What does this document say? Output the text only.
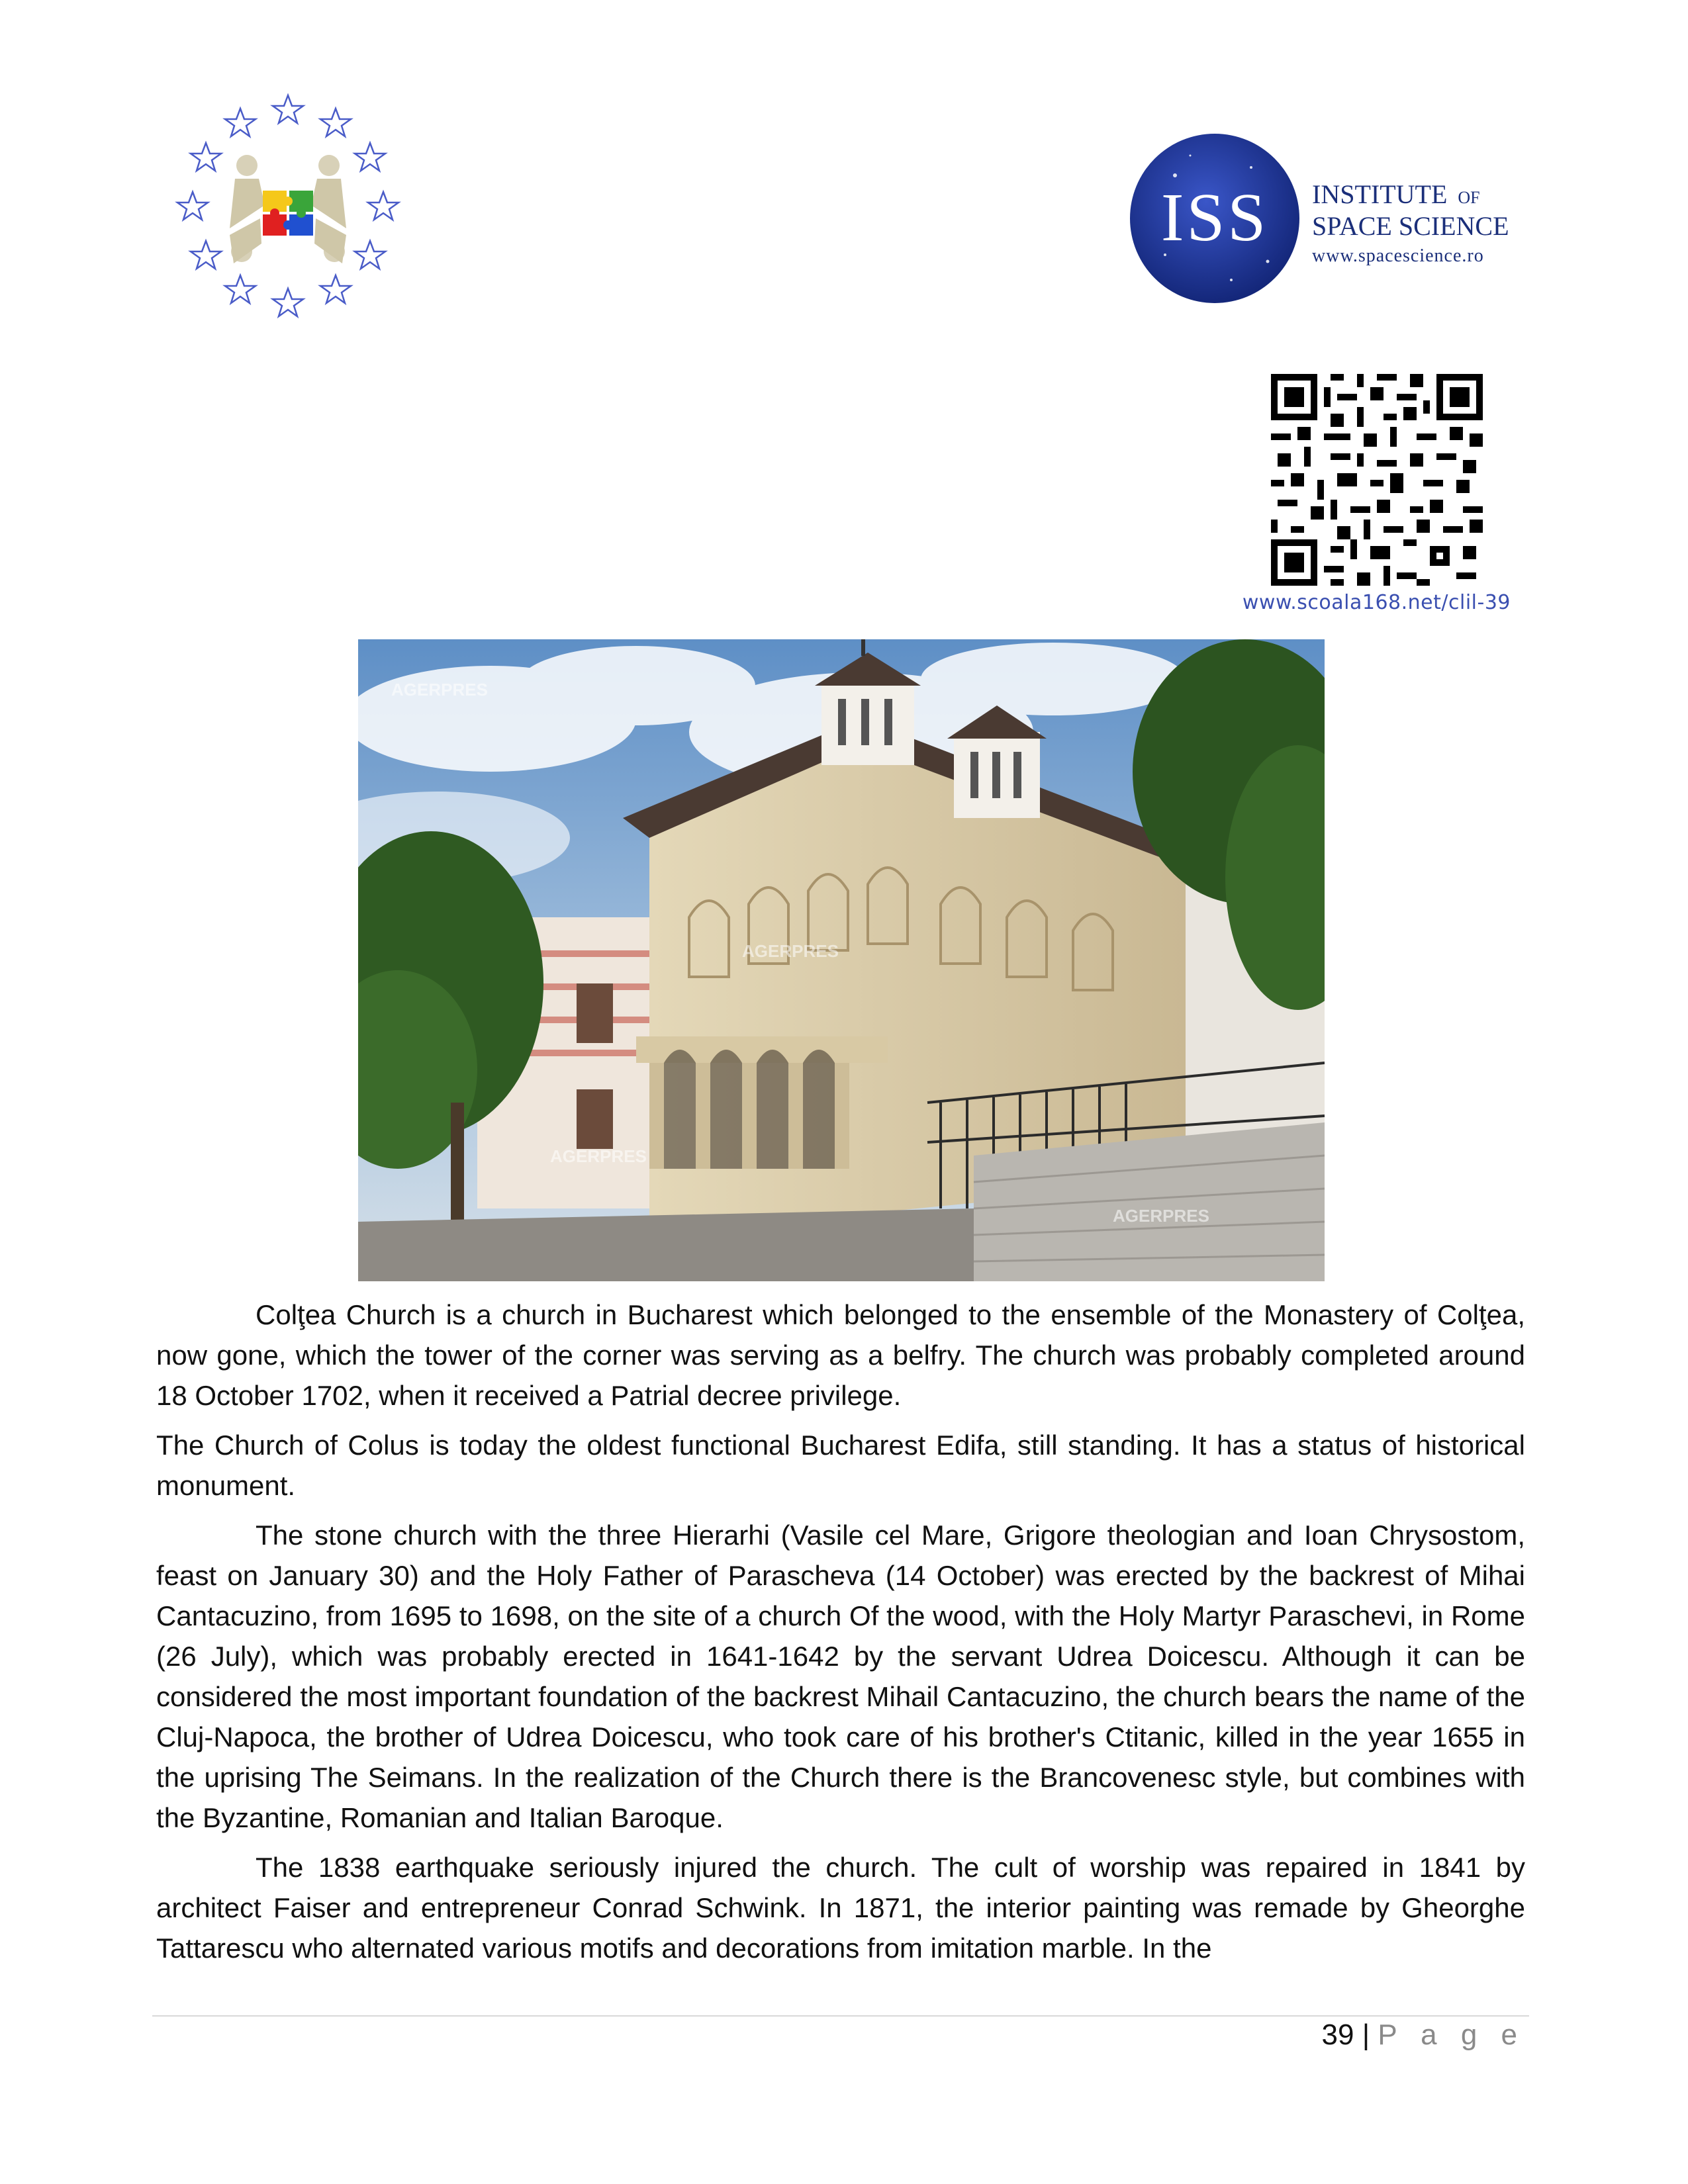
ISS INSTITUTE OF
SPACE SCIENCE
www.spacescience.ro
www.scoala168.net/clil-39
AGERPRES
AGERPRES
AGERPRES
AGERPRES

Colţea Church is a church in Bucharest which belonged to the ensemble of the Monastery of Colţea, now gone, which the tower of the corner was serving as a belfry. The church was probably completed around 18 October 1702, when it received a Patrial decree privilege.

The Church of Colus is today the oldest functional Bucharest Edifa, still standing. It has a status of historical monument.

The stone church with the three Hierarhi (Vasile cel Mare, Grigore theologian and Ioan Chrysostom, feast on January 30) and the Holy Father of Parascheva (14 October) was erected by the backrest of Mihai Cantacuzino, from 1695 to 1698, on the site of a church Of the wood, with the Holy Martyr Paraschevi, in Rome (26 July), which was probably erected in 1641-1642 by the servant Udrea Doicescu. Although it can be considered the most important foundation of the backrest Mihail Cantacuzino, the church bears the name of the Cluj-Napoca, the brother of Udrea Doicescu, who took care of his brother's Ctitanic, killed in the year 1655 in the uprising The Seimans. In the realization of the Church there is the Brancovenesc style, but combines with the Byzantine, Romanian and Italian Baroque.

The 1838 earthquake seriously injured the church. The cult of worship was repaired in 1841 by architect Faiser and entrepreneur Conrad Schwink. In 1871, the interior painting was remade by Gheorghe Tattarescu who alternated various motifs and decorations from imitation marble. In the

39 | P a g e
